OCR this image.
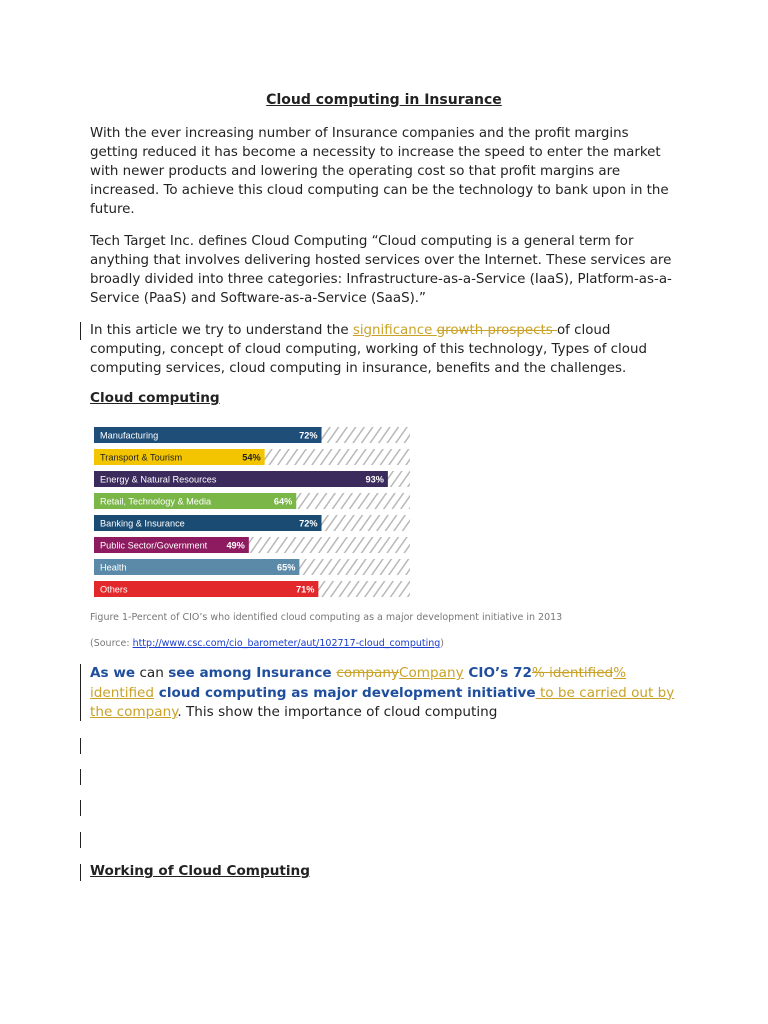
Cloud computing in Insurance
With the ever increasing number of Insurance companies and the profit margins getting reduced it has become a necessity to increase the speed to enter the market with newer products and lowering the operating cost so that profit margins are increased. To achieve this cloud computing can be the technology to bank upon in the future.
Tech Target Inc. defines Cloud Computing “Cloud computing is a general term for anything that involves delivering hosted services over the Internet. These services are broadly divided into three categories: Infrastructure-as-a-Service (IaaS), Platform-as-a-Service (PaaS) and Software-as-a-Service (SaaS).”
In this article we try to understand the significance growth prospects of cloud computing, concept of cloud computing, working of this technology, Types of cloud computing services, cloud computing in insurance, benefits and the challenges.
Cloud computing
Manufacturing	72%
Transport & Tourism	54%
Energy & Natural Resources	93%
Retail, Technology & Media	64%
Banking & Insurance	72%
Public Sector/Government 49%
Health	65%
Others	71%
Figure 1-Percent of CIO’s who identified cloud computing as a major development initiative in 2013
(Source: http://www.csc.com/cio_barometer/aut/102717-cloud_computing)
As we can see among Insurance companyCompany CIO’s 72% identified% identified cloud computing as major development initiative to be carried out by the company. This show the importance of cloud computing
Working of Cloud Computing
